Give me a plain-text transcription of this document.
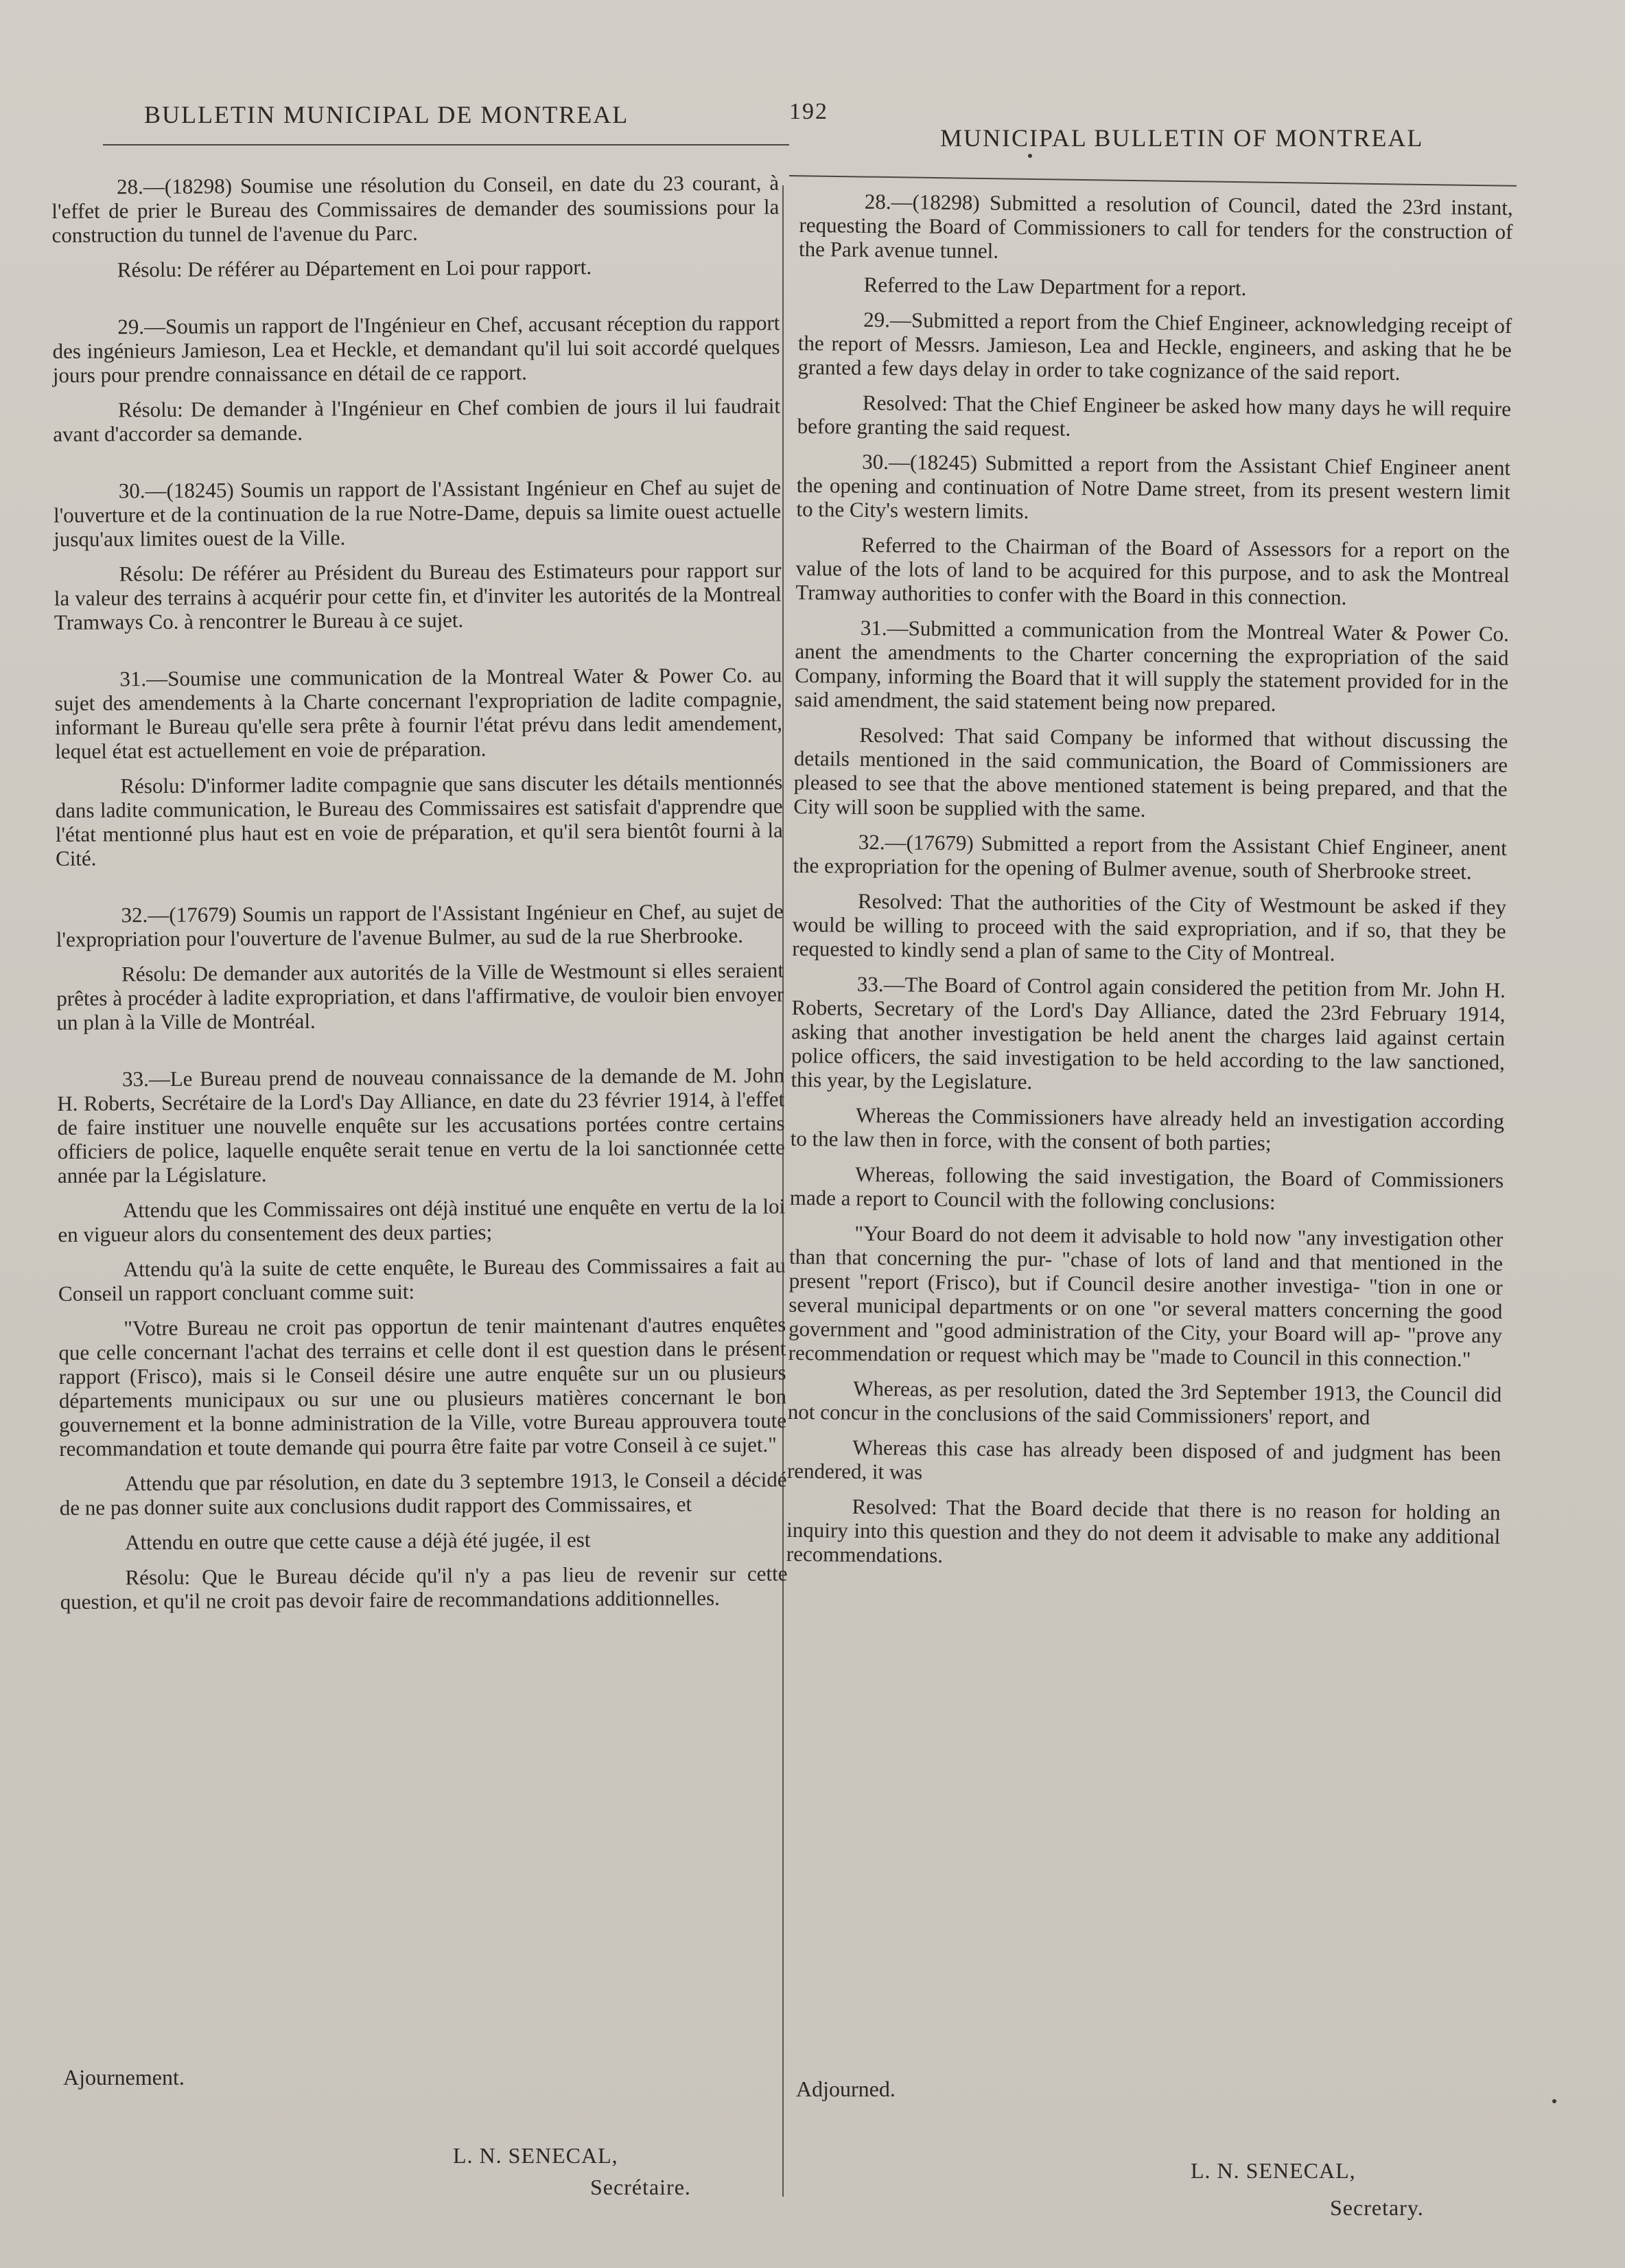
BULLETIN MUNICIPAL DE MONTREAL	192
MUNICIPAL BULLETIN OF MONTREAL

28.—(18298) Soumise une résolution du Conseil, en date du 23 courant, à l'effet de prier le Bureau des Commissaires de demander des soumissions pour la construction du tunnel de l'avenue du Parc.

Résolu: De référer au Département en Loi pour rapport.

29.—Soumis un rapport de l'Ingénieur en Chef, accusant réception du rapport des ingénieurs Jamieson, Lea et Heckle, et demandant qu'il lui soit accordé quelques jours pour prendre connaissance en détail de ce rapport.

Résolu: De demander à l'Ingénieur en Chef combien de jours il lui faudrait avant d'accorder sa demande.

30.—(18245) Soumis un rapport de l'Assistant Ingénieur en Chef au sujet de l'ouverture et de la continuation de la rue Notre-Dame, depuis sa limite ouest actuelle jusqu'aux limites ouest de la Ville.

Résolu: De référer au Président du Bureau des Estimateurs pour rapport sur la valeur des terrains à acquérir pour cette fin, et d'inviter les autorités de la Montreal Tramways Co. à rencontrer le Bureau à ce sujet.

31.—Soumise une communication de la Montreal Water & Power Co. au sujet des amendements à la Charte concernant l'expropriation de ladite compagnie, informant le Bureau qu'elle sera prête à fournir l'état prévu dans ledit amendement, lequel état est actuellement en voie de préparation.

Résolu: D'informer ladite compagnie que sans discuter les détails mentionnés dans ladite communication, le Bureau des Commissaires est satisfait d'apprendre que l'état mentionné plus haut est en voie de préparation, et qu'il sera bientôt fourni à la Cité.

32.—(17679) Soumis un rapport de l'Assistant Ingénieur en Chef, au sujet de l'expropriation pour l'ouverture de l'avenue Bulmer, au sud de la rue Sherbrooke.

Résolu: De demander aux autorités de la Ville de Westmount si elles seraient prêtes à procéder à ladite expropriation, et dans l'affirmative, de vouloir bien envoyer un plan à la Ville de Montréal.

33.—Le Bureau prend de nouveau connaissance de la demande de M. John H. Roberts, Secrétaire de la Lord's Day Alliance, en date du 23 février 1914, à l'effet de faire instituer une nouvelle enquête sur les accusations portées contre certains officiers de police, laquelle enquête serait tenue en vertu de la loi sanctionnée cette année par la Législature.

Attendu que les Commissaires ont déjà institué une enquête en vertu de la loi en vigueur alors du consentement des deux parties;

Attendu qu'à la suite de cette enquête, le Bureau des Commissaires a fait au Conseil un rapport concluant comme suit:

"Votre Bureau ne croit pas opportun de tenir maintenant d'autres enquêtes que celle concernant l'achat des terrains et celle dont il est question dans le présent rapport (Frisco), mais si le Conseil désire une autre enquête sur un ou plusieurs départements municipaux ou sur une ou plusieurs matières concernant le bon gouvernement et la bonne administration de la Ville, votre Bureau approuvera toute recommandation et toute demande qui pourra être faite par votre Conseil à ce sujet."

Attendu que par résolution, en date du 3 septembre 1913, le Conseil a décidé de ne pas donner suite aux conclusions dudit rapport des Commissaires, et

Attendu en outre que cette cause a déjà été jugée, il est

Résolu: Que le Bureau décide qu'il n'y a pas lieu de revenir sur cette question, et qu'il ne croit pas devoir faire de recommandations additionnelles.

28.—(18298) Submitted a resolution of Council, dated the 23rd instant, requesting the Board of Commissioners to call for tenders for the construction of the Park avenue tunnel.

Referred to the Law Department for a report.

29.—Submitted a report from the Chief Engineer, acknowledging receipt of the report of Messrs. Jamieson, Lea and Heckle, engineers, and asking that he be granted a few days delay in order to take cognizance of the said report.

Resolved: That the Chief Engineer be asked how many days he will require before granting the said request.

30.—(18245) Submitted a report from the Assistant Chief Engineer anent the opening and continuation of Notre Dame street, from its present western limit to the City's western limits.

Referred to the Chairman of the Board of Assessors for a report on the value of the lots of land to be acquired for this purpose, and to ask the Montreal Tramway authorities to confer with the Board in this connection.

31.—Submitted a communication from the Montreal Water & Power Co. anent the amendments to the Charter concerning the expropriation of the said Company, informing the Board that it will supply the statement provided for in the said amendment, the said statement being now prepared.

Resolved: That said Company be informed that without discussing the details mentioned in the said communication, the Board of Commissioners are pleased to see that the above mentioned statement is being prepared, and that the City will soon be supplied with the same.

32.—(17679) Submitted a report from the Assistant Chief Engineer, anent the expropriation for the opening of Bulmer avenue, south of Sherbrooke street.

Resolved: That the authorities of the City of Westmount be asked if they would be willing to proceed with the said expropriation, and if so, that they be requested to kindly send a plan of same to the City of Montreal.

33.—The Board of Control again considered the petition from Mr. John H. Roberts, Secretary of the Lord's Day Alliance, dated the 23rd February 1914, asking that another investigation be held anent the charges laid against certain police officers, the said investigation to be held according to the law sanctioned, this year, by the Legislature.

Whereas the Commissioners have already held an investigation according to the law then in force, with the consent of both parties;

Whereas, following the said investigation, the Board of Commissioners made a report to Council with the following conclusions:

"Your Board do not deem it advisable to hold now "any investigation other than that concerning the pur- "chase of lots of land and that mentioned in the present "report (Frisco), but if Council desire another investiga- "tion in one or several municipal departments or on one "or several matters concerning the good government and "good administration of the City, your Board will ap- "prove any recommendation or request which may be "made to Council in this connection."

Whereas, as per resolution, dated the 3rd September 1913, the Council did not concur in the conclusions of the said Commissioners' report, and

Whereas this case has already been disposed of and judgment has been rendered, it was

Resolved: That the Board decide that there is no reason for holding an inquiry into this question and they do not deem it advisable to make any additional recommendations.

Ajournement.	Adjourned.
L. N. SENECAL,
Secrétaire.
L. N. SENECAL,
Secretary.
